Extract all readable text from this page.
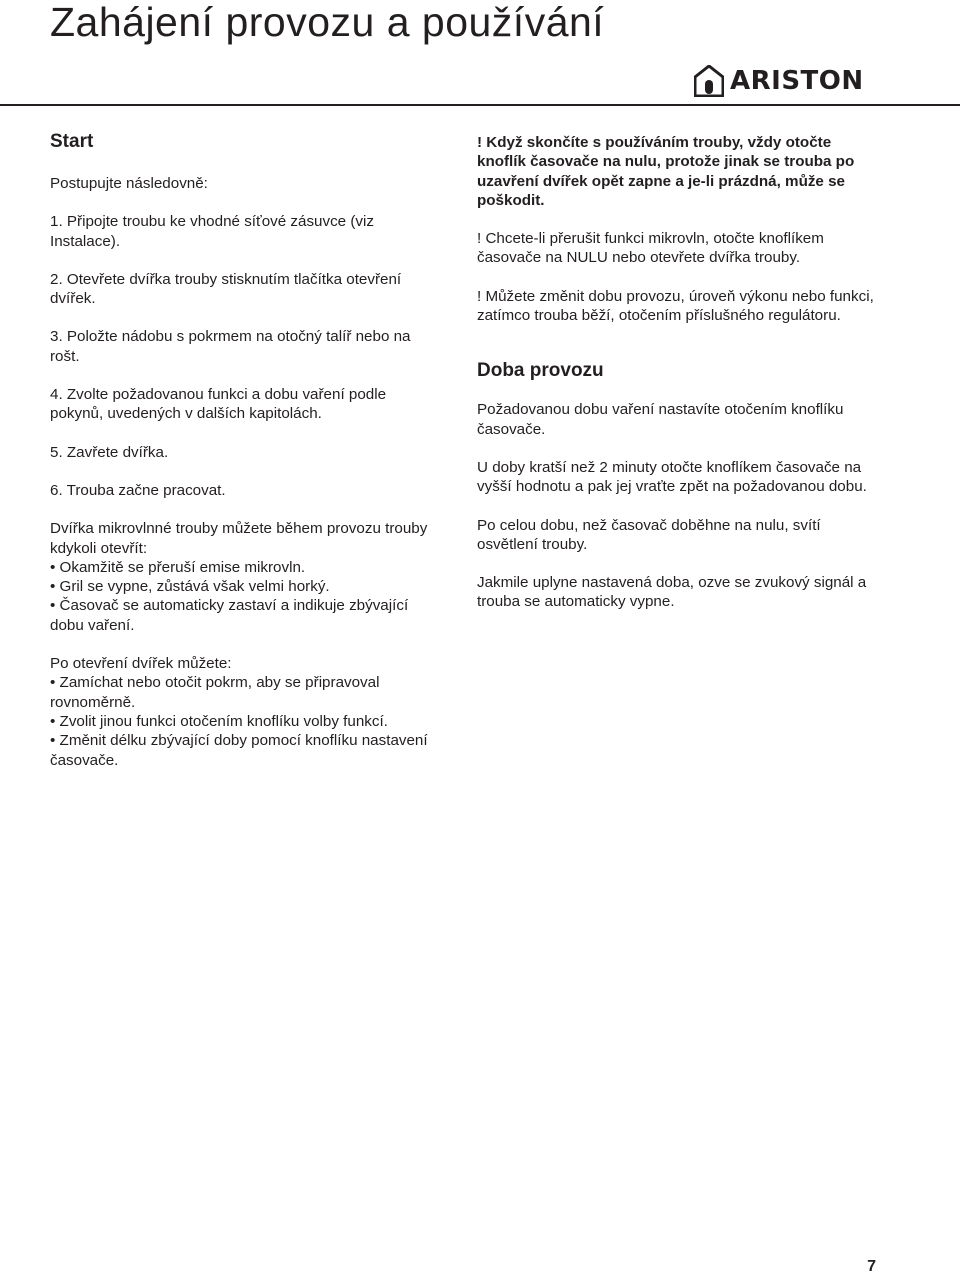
Zahájení provozu a používání
ARISTON

Start

Postupujte následovně:

1. Připojte troubu ke vhodné síťové zásuvce (viz Instalace).

2. Otevřete dvířka trouby stisknutím tlačítka otevření dvířek.

3. Položte nádobu s pokrmem na otočný talíř nebo na rošt.

4. Zvolte požadovanou funkci a dobu vaření podle pokynů, uvedených v dalších kapitolách.

5. Zavřete dvířka.

6. Trouba začne pracovat.

Dvířka mikrovlnné trouby můžete během provozu trouby kdykoli otevřít:

• Okamžitě se přeruší emise mikrovln.

• Gril se vypne, zůstává však velmi horký.

• Časovač se automaticky zastaví a indikuje zbývající dobu vaření.

Po otevření dvířek můžete:

• Zamíchat nebo otočit pokrm, aby se připravoval rovnoměrně.

• Zvolit jinou funkci otočením knoflíku volby funkcí.

• Změnit délku zbývající doby pomocí knoflíku nastavení časovače.

! Když skončíte s používáním trouby, vždy otočte knoflík časovače na nulu, protože jinak se trouba po uzavření dvířek opět zapne a je-li prázdná, může se poškodit.

! Chcete-li přerušit funkci mikrovln, otočte knoflíkem časovače na NULU nebo otevřete dvířka trouby.

! Můžete změnit dobu provozu, úroveň výkonu nebo funkci, zatímco trouba běží, otočením příslušného regulátoru.

Doba provozu

Požadovanou dobu vaření nastavíte otočením knoflíku časovače.

U doby kratší než 2 minuty otočte knoflíkem časovače na vyšší hodnotu a pak jej vraťte zpět na požadovanou dobu.

Po celou dobu, než časovač doběhne na nulu, svítí osvětlení trouby.

Jakmile uplyne nastavená doba, ozve se zvukový signál a trouba se automaticky vypne.

7
